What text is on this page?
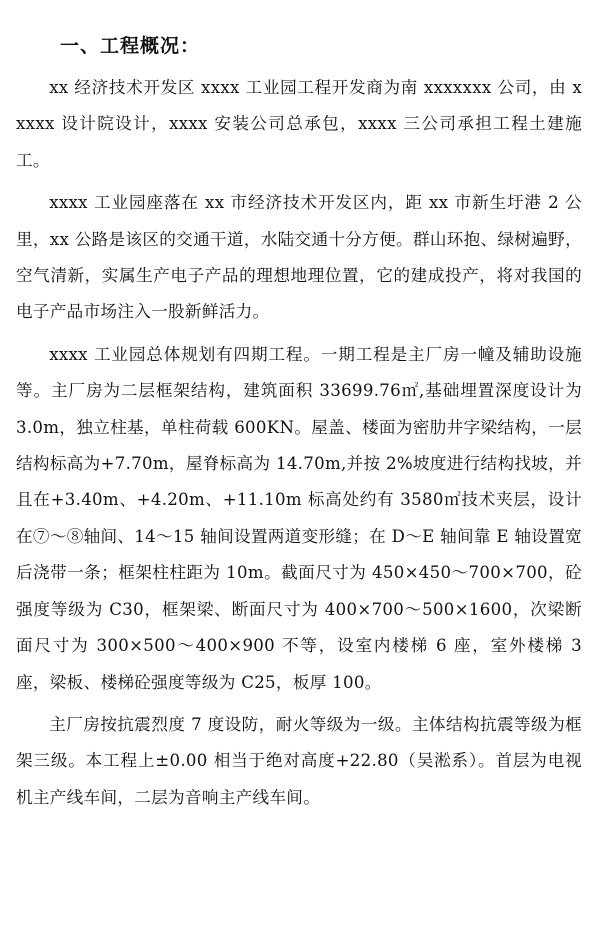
一、工程概况：

xx 经济技术开发区 xxxx 工业园工程开发商为南 xxxxxxx 公司，由 xxxxx 设计院设计，xxxx 安装公司总承包，xxxx 三公司承担工程土建施工。

xxxx 工业园座落在 xx 市经济技术开发区内，距 xx 市新生圩港 2 公里，xx 公路是该区的交通干道，水陆交通十分方便。群山环抱、绿树遍野，空气清新，实属生产电子产品的理想地理位置，它的建成投产，将对我国的电子产品市场注入一股新鲜活力。

xxxx 工业园总体规划有四期工程。一期工程是主厂房一幢及辅助设施等。主厂房为二层框架结构，建筑面积 33699.76㎡,基础埋置深度设计为 3.0m，独立柱基，单柱荷载 600KN。屋盖、楼面为密肋井字梁结构，一层结构标高为+7.70m，屋脊标高为 14.70m,并按 2%坡度进行结构找坡，并且在+3.40m、+4.20m、+11.10m 标高处约有 3580㎡技术夹层，设计在⑦～⑧轴间、14～15 轴间设置两道变形缝；在 D～E 轴间靠 E 轴设置宽后浇带一条；框架柱柱距为 10m。截面尺寸为 450×450～700×700，砼强度等级为 C30，框架梁、断面尺寸为 400×700～500×1600，次梁断面尺寸为 300×500～400×900 不等，设室内楼梯 6 座，室外楼梯 3 座，梁板、楼梯砼强度等级为 C25，板厚 100。

主厂房按抗震烈度 7 度设防，耐火等级为一级。主体结构抗震等级为框架三级。本工程上±0.00 相当于绝对高度+22.80（吴淞系）。首层为电视机主产线车间，二层为音响主产线车间。
